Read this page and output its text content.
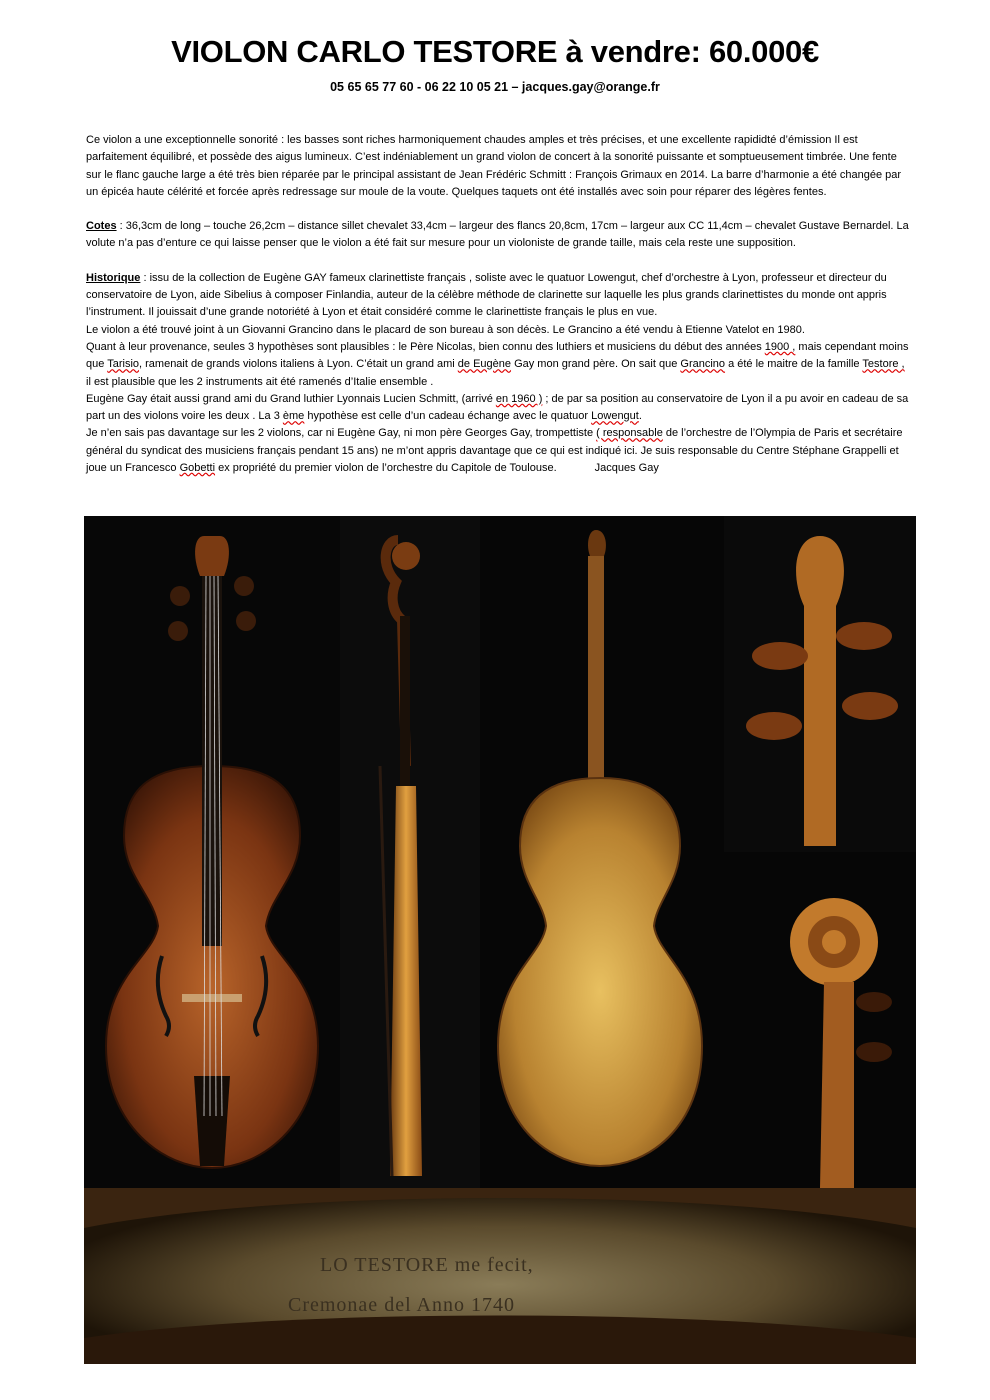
VIOLON CARLO TESTORE à vendre: 60.000€
05 65 65 77 60 - 06 22 10 05 21 – jacques.gay@orange.fr

Ce violon a une exceptionnelle sonorité : les basses sont riches harmoniquement chaudes amples et très précises, et une excellente rapididté d’émission Il est parfaitement équilibré, et possède des aigus lumineux. C’est indéniablement un grand violon de concert à la sonorité puissante et somptueusement timbrée. Une fente sur le flanc gauche large a été très bien réparée par le principal assistant de Jean Frédéric Schmitt : François Grimaux en 2014. La barre d’harmonie a été changée par un épicéa haute célérité et forcée après redressage sur moule de la voute. Quelques taquets ont été installés avec soin pour réparer des légères fentes.

Cotes : 36,3cm de long – touche 26,2cm – distance sillet chevalet 33,4cm – largeur des flancs 20,8cm, 17cm – largeur aux CC 11,4cm – chevalet Gustave Bernardel. La volute n’a pas d’enture ce qui laisse penser que le violon a été fait sur mesure pour un violoniste de grande taille, mais cela reste une supposition.

Historique : issu de la collection de Eugène GAY fameux clarinettiste français , soliste avec le quatuor Lowengut, chef d’orchestre à Lyon, professeur et directeur du conservatoire de Lyon, aide Sibelius à composer Finlandia, auteur de la célèbre méthode de clarinette sur laquelle les plus grands clarinettistes du monde ont appris l’instrument. Il jouissait d’une grande notoriété à Lyon et était considéré comme le clarinettiste français le plus en vue.

Le violon a été trouvé joint à un Giovanni Grancino dans le placard de son bureau à son décès. Le Grancino a été vendu à Etienne Vatelot en 1980.

Quant à leur provenance, seules 3 hypothèses sont plausibles : le Père Nicolas, bien connu des luthiers et musiciens du début des années 1900 , mais cependant moins que Tarisio, ramenait de grands violons italiens à Lyon. C’était un grand ami de Eugène Gay mon grand père. On sait que Grancino a été le maitre de la famille Testore , il est plausible que les 2 instruments ait été ramenés d’Italie ensemble .

Eugène Gay était aussi grand ami du Grand luthier Lyonnais Lucien Schmitt, (arrivé en 1960 ) ; de par sa position au conservatoire de Lyon il a pu avoir en cadeau de sa part un des violons voire les deux . La 3 ème hypothèse est celle d’un cadeau échange avec le quatuor Lowengut.

Je n’en sais pas davantage sur les 2 violons, car ni Eugène Gay, ni mon père Georges Gay, trompettiste ( responsable de l’orchestre de l’Olympia de Paris et secrétaire général du syndicat des musiciens français pendant 15 ans) ne m’ont appris davantage que ce qui est indiqué ici. Je suis responsable du Centre Stéphane Grappelli et joue un Francesco Gobetti ex propriété du premier violon de l’orchestre du Capitole de Toulouse.	Jacques Gay

LO TESTORE me fecit,
Cremonae del Anno 1740
